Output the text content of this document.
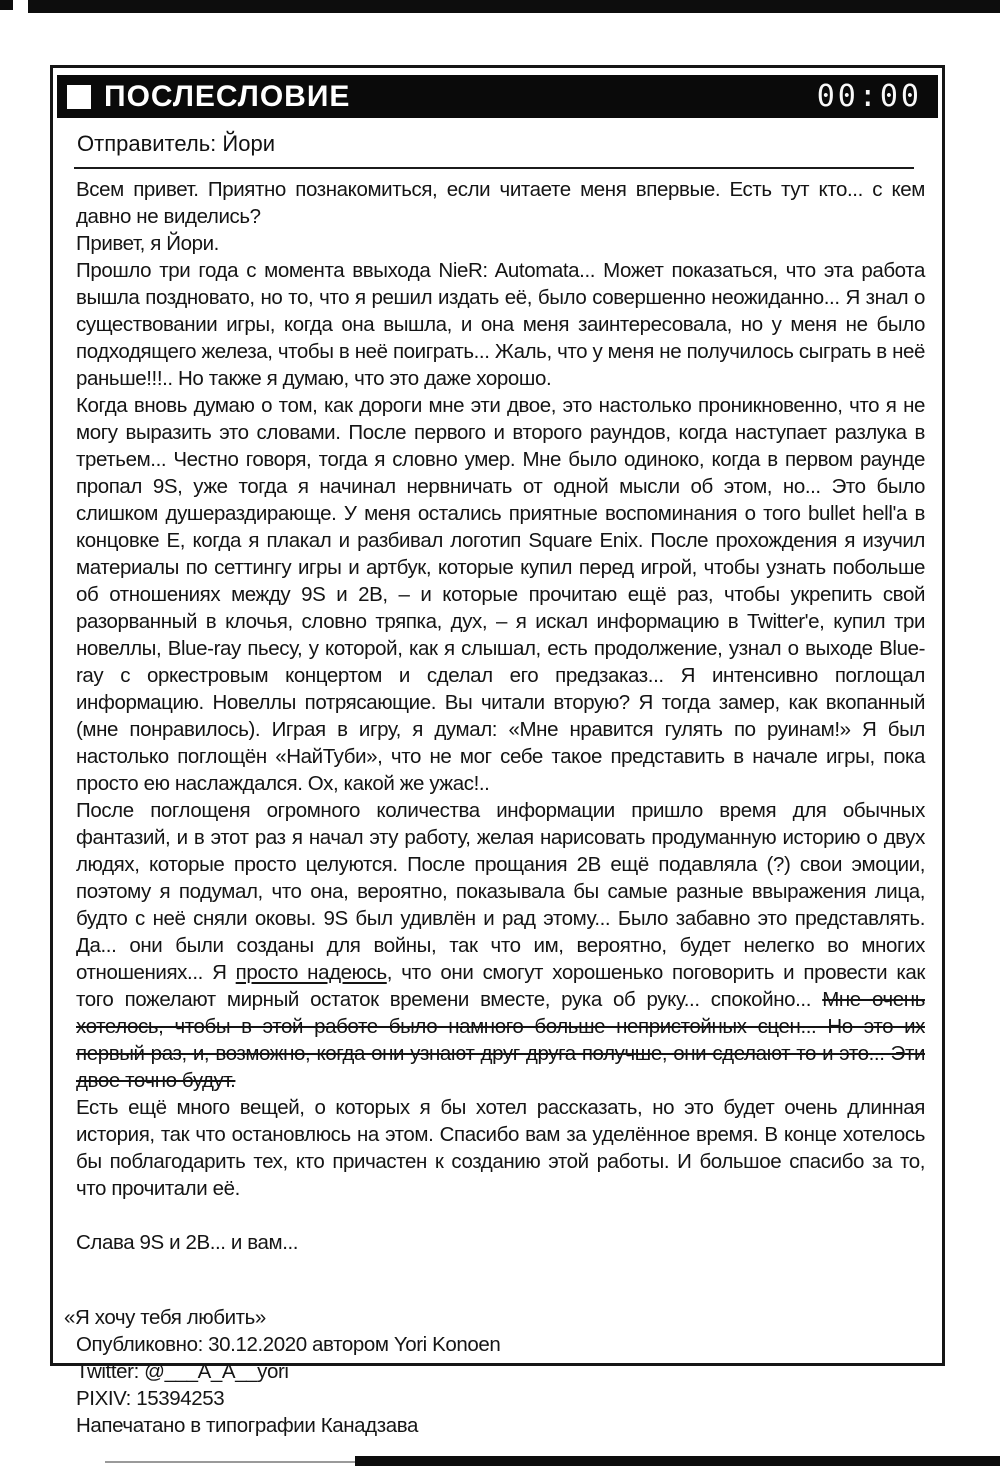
ПОСЛЕСЛОВИЕ	00:00
Отправитель: Йори

Всем привет. Приятно познакомиться, если читаете меня впервые. Есть тут кто... с кем давно не виделись?

Привет, я Йори.

Прошло три года с момента ввыхода NieR: Automata... Может показаться, что эта работа вышла поздновато, но то, что я решил издать её, было совершенно неожиданно... Я знал о существовании игры, когда она вышла, и она меня заинтересовала, но у меня не было подходящего железа, чтобы в неё поиграть... Жаль, что у меня не получилось сыграть в неё раньше!!!.. Но также я думаю, что это даже хорошо.

Когда вновь думаю о том, как дороги мне эти двое, это настолько проникновенно, что я не могу выразить это словами. После первого и второго раундов, когда наступает разлука в третьем... Честно говоря, тогда я словно умер. Мне было одиноко, когда в первом раунде пропал 9S, уже тогда я начинал нервничать от одной мысли об этом, но... Это было слишком душераздирающе. У меня остались приятные воспоминания о того bullet hell'а в концовке E, когда я плакал и разбивал логотип Square Enix. После прохождения я изучил материалы по сеттингу игры и артбук, которые купил перед игрой, чтобы узнать побольше об отношениях между 9S и 2B, – и которые прочитаю ещё раз, чтобы укрепить свой разорванный в клочья, словно тряпка, дух, – я искал информацию в Twitter'е, купил три новеллы, Blue-ray пьесу, у которой, как я слышал, есть продолжение, узнал о выходе Blue-ray с оркестровым концертом и сделал его предзаказ... Я интенсивно поглощал информацию. Новеллы потрясающие. Вы читали вторую? Я тогда замер, как вкопанный (мне понравилось). Играя в игру, я думал: «Мне нравится гулять по руинам!» Я был настолько поглощён «НайТуби», что не мог себе такое представить в начале игры, пока просто ею наслаждался. Ох, какой же ужас!..

После поглощеня огромного количества информации пришло время для обычных фантазий, и в этот раз я начал эту работу, желая нарисовать продуманную историю о двух людях, которые просто целуются. После прощания 2B ещё подавляла (?) свои эмоции, поэтому я подумал, что она, вероятно, показывала бы самые разные ввыражения лица, будто с неё сняли оковы. 9S был удивлён и рад этому... Было забавно это представлять. Да... они были созданы для войны, так что им, вероятно, будет нелегко во многих отношениях... Я просто надеюсь, что они смогут хорошенько поговорить и провести как того пожелают мирный остаток времени вместе, рука об руку... спокойно... Мне очень хотелось, чтобы в этой работе было намного больше непристойных сцен... Но это их первый раз, и, возможно, когда они узнают друг друга получше, они сделают то и это... Эти двое точно будут.

Есть ещё много вещей, о которых я бы хотел рассказать, но это будет очень длинная история, так что остановлюсь на этом. Спасибо вам за уделённое время. В конце хотелось бы поблагодарить тех, кто причастен к созданию этой работы. И большое спасибо за то, что прочитали её.

Слава 9S и 2B... и вам...
«Я хочу тебя любить»
Опубликовно: 30.12.2020 автором Yori Konoen
Twitter: @___A_A__yori
PIXIV: 15394253
Напечатано в типографии Канадзава
